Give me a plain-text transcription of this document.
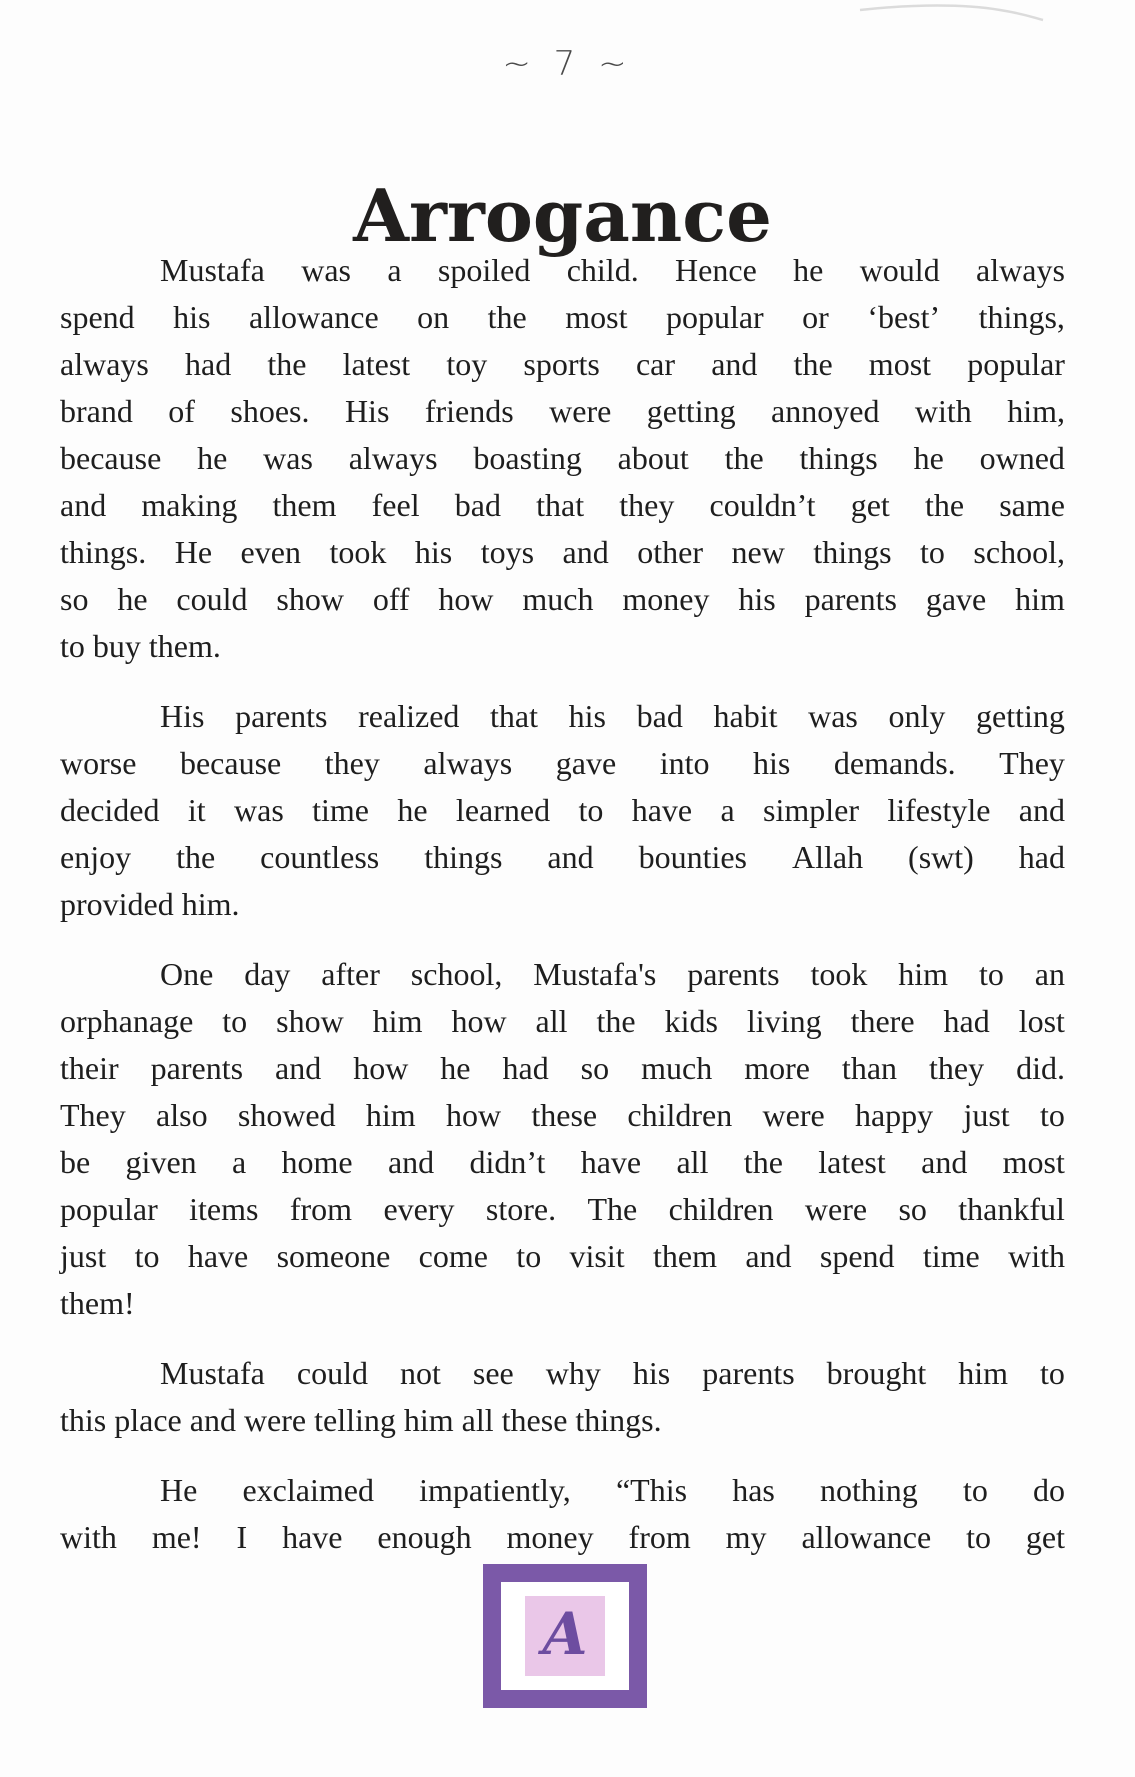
~ 7 ~
Arrogance
Mustafa was a spoiled child. Hence he would always
spend his allowance on the most popular or ‘best’ things,
always had the latest toy sports car and the most popular
brand of shoes. His friends were getting annoyed with him,
because he was always boasting about the things he owned
and making them feel bad that they couldn’t get the same
things. He even took his toys and other new things to school,
so he could show off how much money his parents gave him
to buy them.
His parents realized that his bad habit was only getting
worse because they always gave into his demands. They
decided it was time he learned to have a simpler lifestyle and
enjoy the countless things and bounties Allah (swt) had
provided him.
One day after school, Mustafa's parents took him to an
orphanage to show him how all the kids living there had lost
their parents and how he had so much more than they did.
They also showed him how these children were happy just to
be given a home and didn’t have all the latest and most
popular items from every store. The children were so thankful
just to have someone come to visit them and spend time with
them!
Mustafa could not see why his parents brought him to
this place and were telling him all these things.
He exclaimed impatiently, “This has nothing to do
with me! I have enough money from my allowance to get
A
